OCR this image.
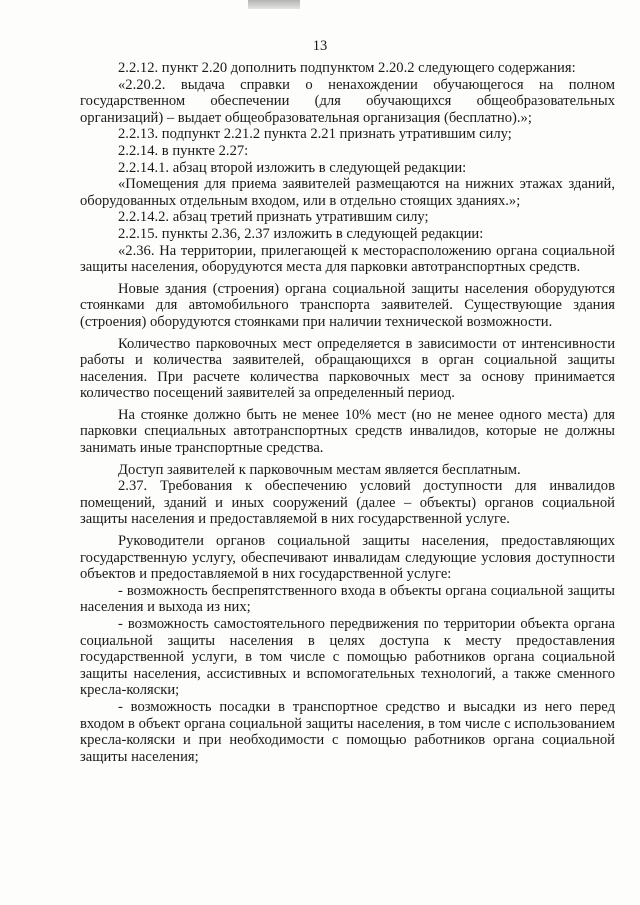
13

2.2.12. пункт 2.20 дополнить подпунктом 2.20.2 следующего содержания:

«2.20.2. выдача справки о ненахождении обучающегося на полном государственном обеспечении (для обучающихся общеобразовательных организаций) – выдает общеобразовательная организация (бесплатно).»;

2.2.13. подпункт 2.21.2 пункта 2.21 признать утратившим силу;

2.2.14. в пункте 2.27:

2.2.14.1. абзац второй изложить в следующей редакции:

«Помещения для приема заявителей размещаются на нижних этажах зданий, оборудованных отдельным входом, или в отдельно стоящих зданиях.»;

2.2.14.2. абзац третий признать утратившим силу;

2.2.15. пункты 2.36, 2.37 изложить в следующей редакции:

«2.36. На территории, прилегающей к месторасположению органа социальной защиты населения, оборудуются места для парковки автотранспортных средств.

Новые здания (строения) органа социальной защиты населения оборудуются стоянками для автомобильного транспорта заявителей. Существующие здания (строения) оборудуются стоянками при наличии технической возможности.

Количество парковочных мест определяется в зависимости от интенсивности работы и количества заявителей, обращающихся в орган социальной защиты населения. При расчете количества парковочных мест за основу принимается количество посещений заявителей за определенный период.

На стоянке должно быть не менее 10% мест (но не менее одного места) для парковки специальных автотранспортных средств инвалидов, которые не должны занимать иные транспортные средства.

Доступ заявителей к парковочным местам является бесплатным.

2.37. Требования к обеспечению условий доступности для инвалидов помещений, зданий и иных сооружений (далее – объекты) органов социальной защиты населения и предоставляемой в них государственной услуге.

Руководители органов социальной защиты населения, предоставляющих государственную услугу, обеспечивают инвалидам следующие условия доступности объектов и предоставляемой в них государственной услуге:

- возможность беспрепятственного входа в объекты органа социальной защиты населения и выхода из них;

- возможность самостоятельного передвижения по территории объекта органа социальной защиты населения в целях доступа к месту предоставления государственной услуги, в том числе с помощью работников органа социальной защиты населения, ассистивных и вспомогательных технологий, а также сменного кресла-коляски;

- возможность посадки в транспортное средство и высадки из него перед входом в объект органа социальной защиты населения, в том числе с использованием кресла-коляски и при необходимости с помощью работников органа социальной защиты населения;
